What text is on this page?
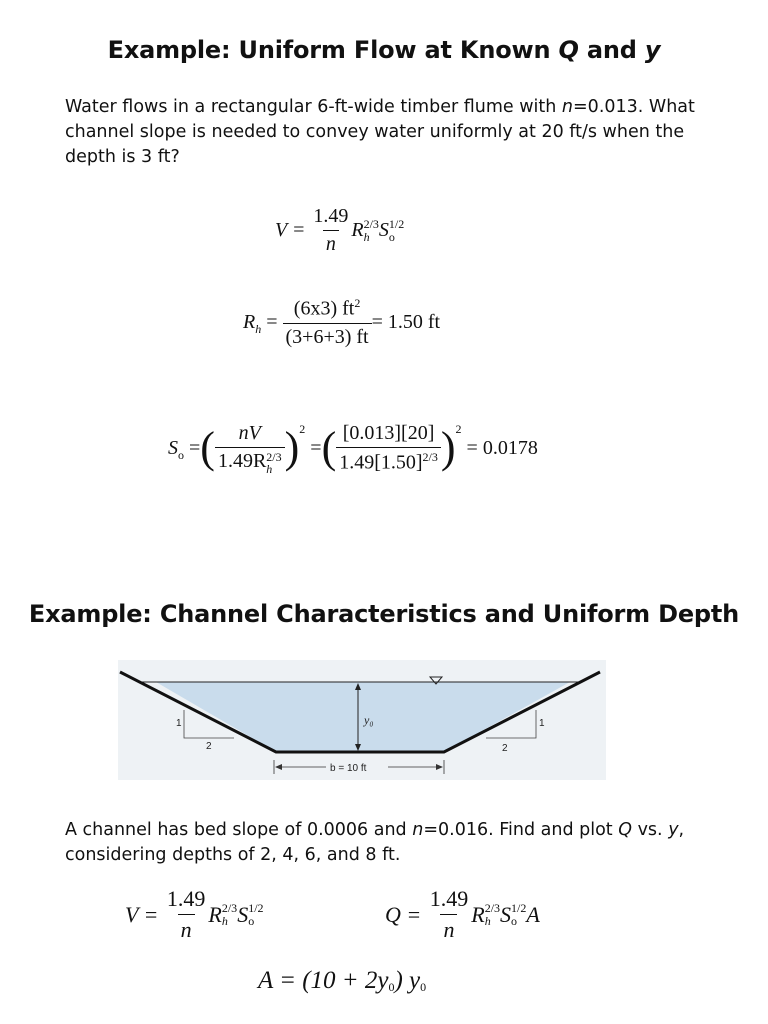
Example: Uniform Flow at Known Q and y

Water flows in a rectangular 6-ft-wide timber flume with n=0.013. What channel slope is needed to convey water uniformly at 20 ft/s when the depth is 3 ft?

V =
$\frac{1.49}{n}$ R 2/3
h S 1/2
o
$R_h$
=
$\frac{(6x3) ft^2}{(3+6+3) ft} = 1.50$ ft
$S_o$
= ( nV
1.49R 2/3
h )$^2$

= ( $\frac{[0.013][20]}{1.49[1.50]^{2/3}} )^2$

= 0.0178
Example: Channel Characteristics and Uniform Depth
y₀
1
2
1
2
b = 10 ft

A channel has bed slope of 0.0006 and n=0.016. Find and plot Q vs. y, considering depths of 2, 4, 6, and 8 ft.

V =
$\frac{1.49}{n}$ R 2/3
h S 1/2
o	Q =
$\frac{1.49}{n}$ R 2/3
h S 1/2
o A
$A = (10 + 2y_0$ ) $y_0$
